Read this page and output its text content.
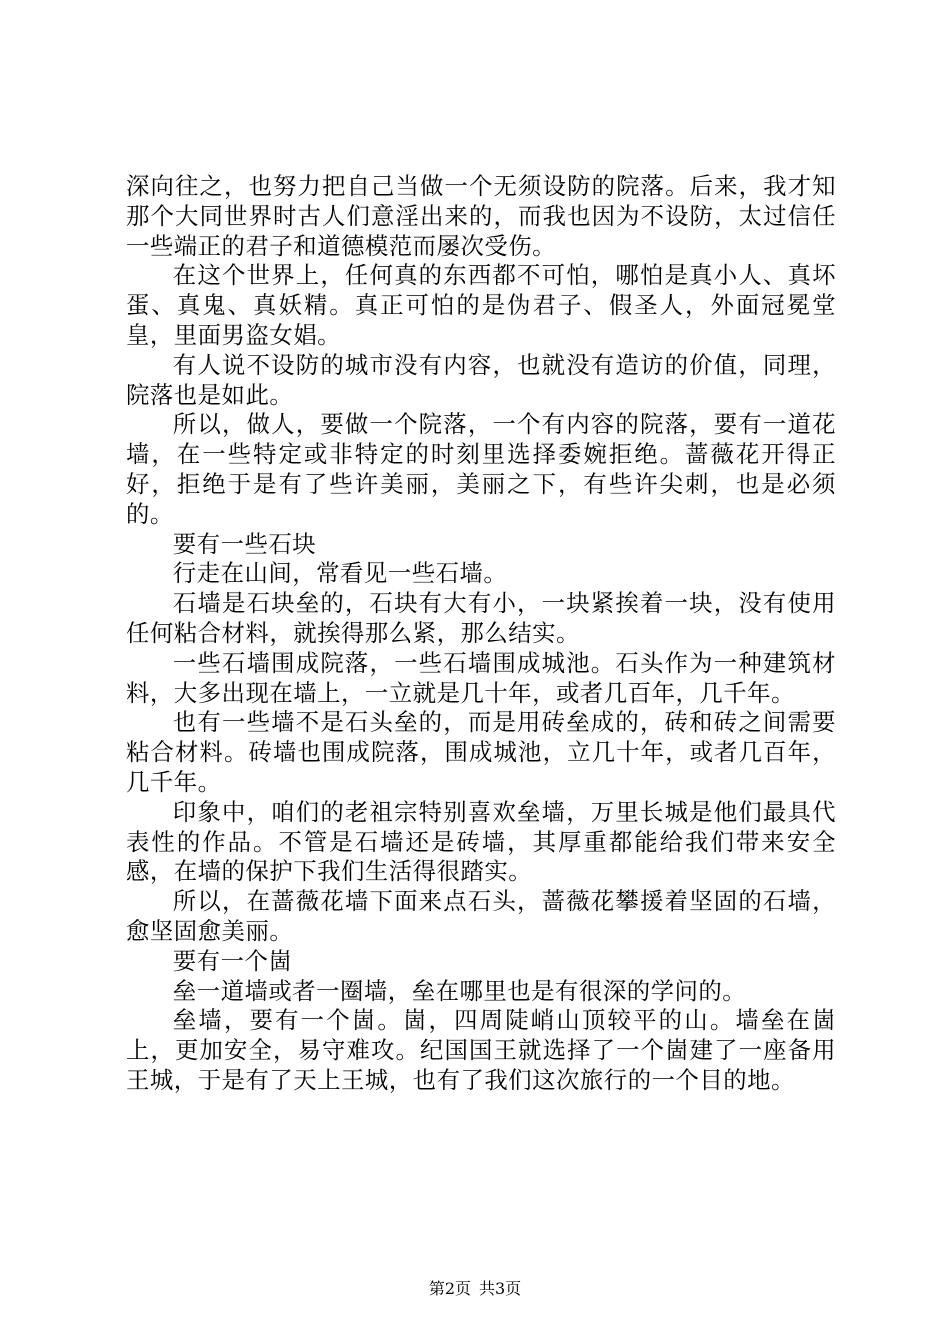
深向往之，也努力把自己当做一个无须设防的院落。后来，我才知那个大同世界时古人们意淫出来的，而我也因为不设防，太过信任一些端正的君子和道德模范而屡次受伤。

在这个世界上，任何真的东西都不可怕，哪怕是真小人、真坏蛋、真鬼、真妖精。真正可怕的是伪君子、假圣人，外面冠冕堂皇，里面男盗女娼。

有人说不设防的城市没有内容，也就没有造访的价值，同理，院落也是如此。

所以，做人，要做一个院落，一个有内容的院落，要有一道花墙，在一些特定或非特定的时刻里选择委婉拒绝。蔷薇花开得正好，拒绝于是有了些许美丽，美丽之下，有些许尖刺，也是必须的。

要有一些石块

行走在山间，常看见一些石墙。

石墙是石块垒的，石块有大有小，一块紧挨着一块，没有使用任何粘合材料，就挨得那么紧，那么结实。

一些石墙围成院落，一些石墙围成城池。石头作为一种建筑材料，大多出现在墙上，一立就是几十年，或者几百年，几千年。

也有一些墙不是石头垒的，而是用砖垒成的，砖和砖之间需要粘合材料。砖墙也围成院落，围成城池，立几十年，或者几百年，几千年。

印象中，咱们的老祖宗特别喜欢垒墙，万里长城是他们最具代表性的作品。不管是石墙还是砖墙，其厚重都能给我们带来安全感，在墙的保护下我们生活得很踏实。

所以，在蔷薇花墙下面来点石头，蔷薇花攀援着坚固的石墙，愈坚固愈美丽。

要有一个崮

垒一道墙或者一圈墙，垒在哪里也是有很深的学问的。

垒墙，要有一个崮。崮，四周陡峭山顶较平的山。墙垒在崮上，更加安全，易守难攻。纪国国王就选择了一个崮建了一座备用王城，于是有了天上王城，也有了我们这次旅行的一个目的地。

第2页 共3页
